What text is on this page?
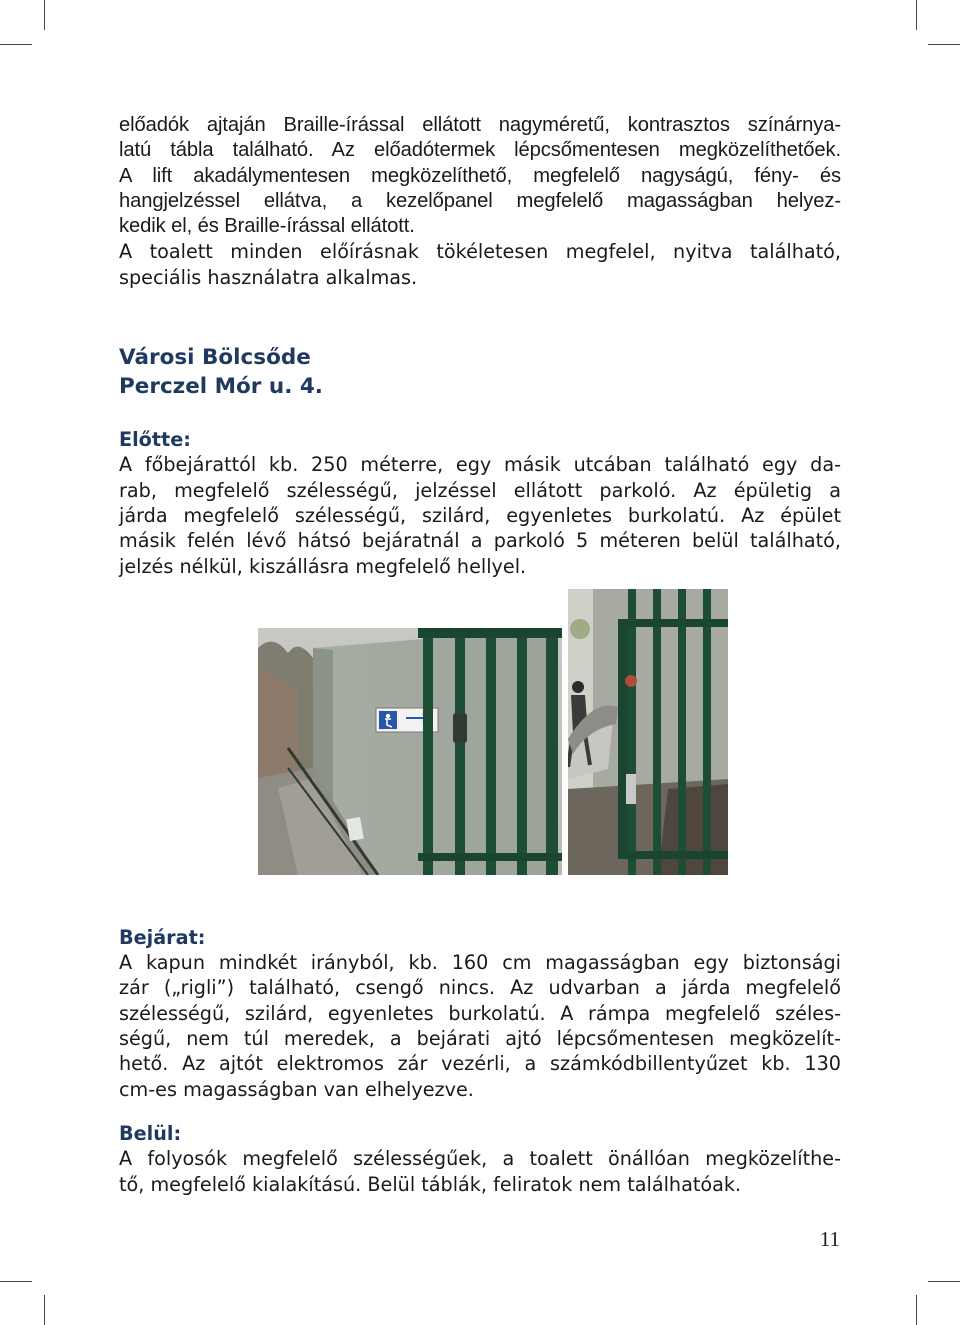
előadók ajtaján Braille-írással ellátott nagyméretű, kontrasztos színárnya-
latú tábla található. Az előadótermek lépcsőmentesen megközelíthetőek.
A lift akadálymentesen megközelíthető, megfelelő nagyságú, fény- és
hangjelzéssel ellátva, a kezelőpanel megfelelő magasságban helyez-
kedik el, és Braille-írással ellátott.

A toalett minden előírásnak tökéletesen megfelel, nyitva található,
speciális használatra alkalmas.

Városi Bölcsőde
Perczel Mór u. 4.
Előtte:

A főbejárattól kb. 250 méterre, egy másik utcában található egy da-
rab, megfelelő szélességű, jelzéssel ellátott parkoló. Az épületig a
járda megfelelő szélességű, szilárd, egyenletes burkolatú. Az épület
másik felén lévő hátsó bejáratnál a parkoló 5 méteren belül található,
jelzés nélkül, kiszállásra megfelelő hellyel.

Bejárat:

A kapun mindkét irányból, kb. 160 cm magasságban egy biztonsági
zár („rigli”) található, csengő nincs. Az udvarban a járda megfelelő
szélességű, szilárd, egyenletes burkolatú. A rámpa megfelelő széles-
ségű, nem túl meredek, a bejárati ajtó lépcsőmentesen megközelít-
hető. Az ajtót elektromos zár vezérli, a számkódbillentyűzet kb. 130
cm-es magasságban van elhelyezve.

Belül:

A folyosók megfelelő szélességűek, a toalett önállóan megközelíthe-
tő, megfelelő kialakítású. Belül táblák, feliratok nem találhatóak.

11
